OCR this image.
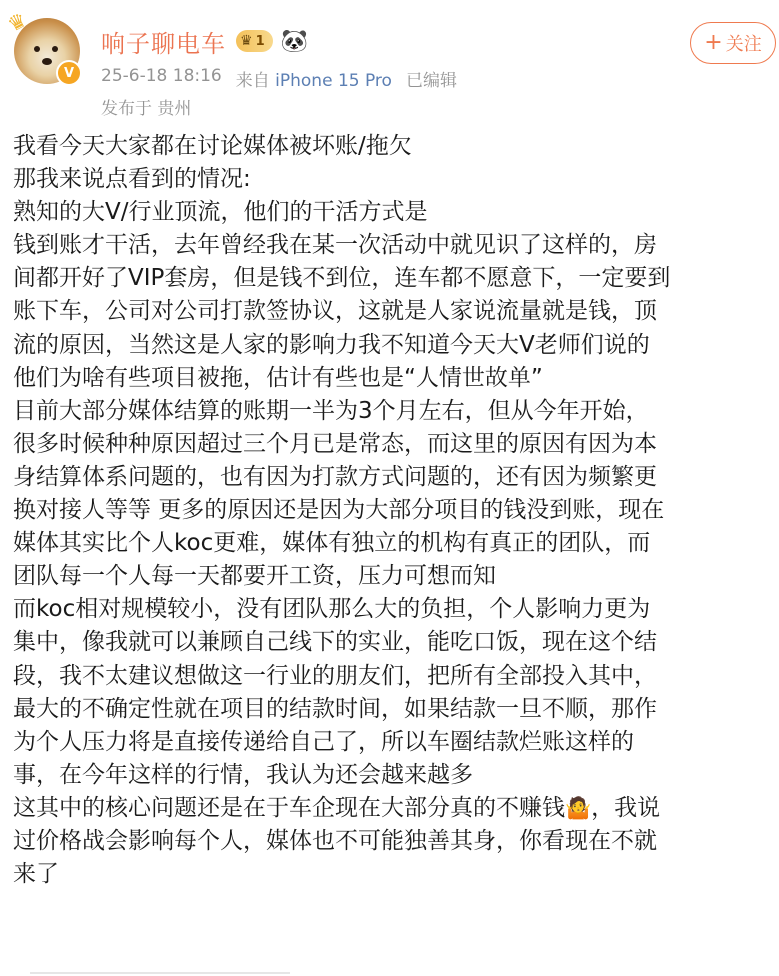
♛
V
响子聊电车 ♛ 1 🐼
25-6-18 18:16 来自 iPhone 15 Pro 已编辑
发布于 贵州
+ 关注

我看今天大家都在讨论媒体被坏账/拖欠

那我来说点看到的情况:

熟知的大V/行业顶流，他们的干活方式是

钱到账才干活，去年曾经我在某一次活动中就见识了这样的，房

间都开好了VIP套房，但是钱不到位，连车都不愿意下，一定要到

账下车，公司对公司打款签协议，这就是人家说流量就是钱，顶

流的原因，当然这是人家的影响力我不知道今天大V老师们说的

他们为啥有些项目被拖，估计有些也是“人情世故单”

目前大部分媒体结算的账期一半为3个月左右，但从今年开始，

很多时候种种原因超过三个月已是常态，而这里的原因有因为本

身结算体系问题的，也有因为打款方式问题的，还有因为频繁更

换对接人等等 更多的原因还是因为大部分项目的钱没到账，现在

媒体其实比个人koc更难，媒体有独立的机构有真正的团队，而

团队每一个人每一天都要开工资，压力可想而知

而koc相对规模较小，没有团队那么大的负担，个人影响力更为

集中，像我就可以兼顾自己线下的实业，能吃口饭，现在这个结

段，我不太建议想做这一行业的朋友们，把所有全部投入其中，

最大的不确定性就在项目的结款时间，如果结款一旦不顺，那作

为个人压力将是直接传递给自己了，所以车圈结款烂账这样的

事，在今年这样的行情，我认为还会越来越多

这其中的核心问题还是在于车企现在大部分真的不赚钱🤷，我说

过价格战会影响每个人，媒体也不可能独善其身，你看现在不就

来了
